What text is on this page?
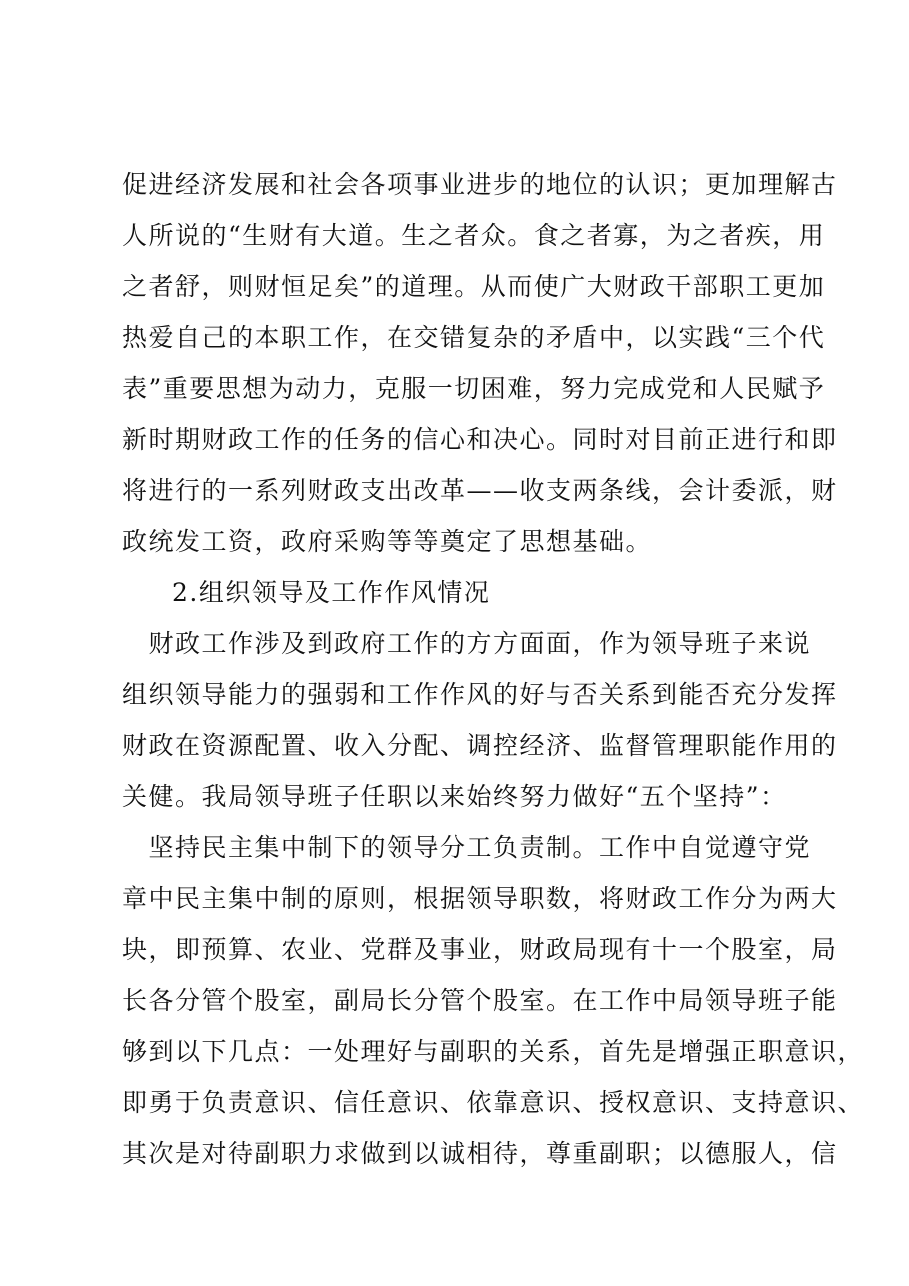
促进经济发展和社会各项事业进步的地位的认识；更加理解古
人所说的“生财有大道。生之者众。食之者寡，为之者疾，用
之者舒，则财恒足矣”的道理。从而使广大财政干部职工更加
热爱自己的本职工作，在交错复杂的矛盾中，以实践“三个代
表”重要思想为动力，克服一切困难，努力完成党和人民赋予
新时期财政工作的任务的信心和决心。同时对目前正进行和即
将进行的一系列财政支出改革——收支两条线，会计委派，财
政统发工资，政府采购等等奠定了思想基础。
2.组织领导及工作作风情况
　财政工作涉及到政府工作的方方面面，作为领导班子来说
组织领导能力的强弱和工作作风的好与否关系到能否充分发挥
财政在资源配置、收入分配、调控经济、监督管理职能作用的
关健。我局领导班子任职以来始终努力做好“五个坚持”：
　坚持民主集中制下的领导分工负责制。工作中自觉遵守党
章中民主集中制的原则，根据领导职数，将财政工作分为两大
块，即预算、农业、党群及事业，财政局现有十一个股室，局
长各分管个股室，副局长分管个股室。在工作中局领导班子能
够到以下几点：一处理好与副职的关系，首先是增强正职意识，
即勇于负责意识、信任意识、依靠意识、授权意识、支持意识、
其次是对待副职力求做到以诚相待，尊重副职；以德服人，信
